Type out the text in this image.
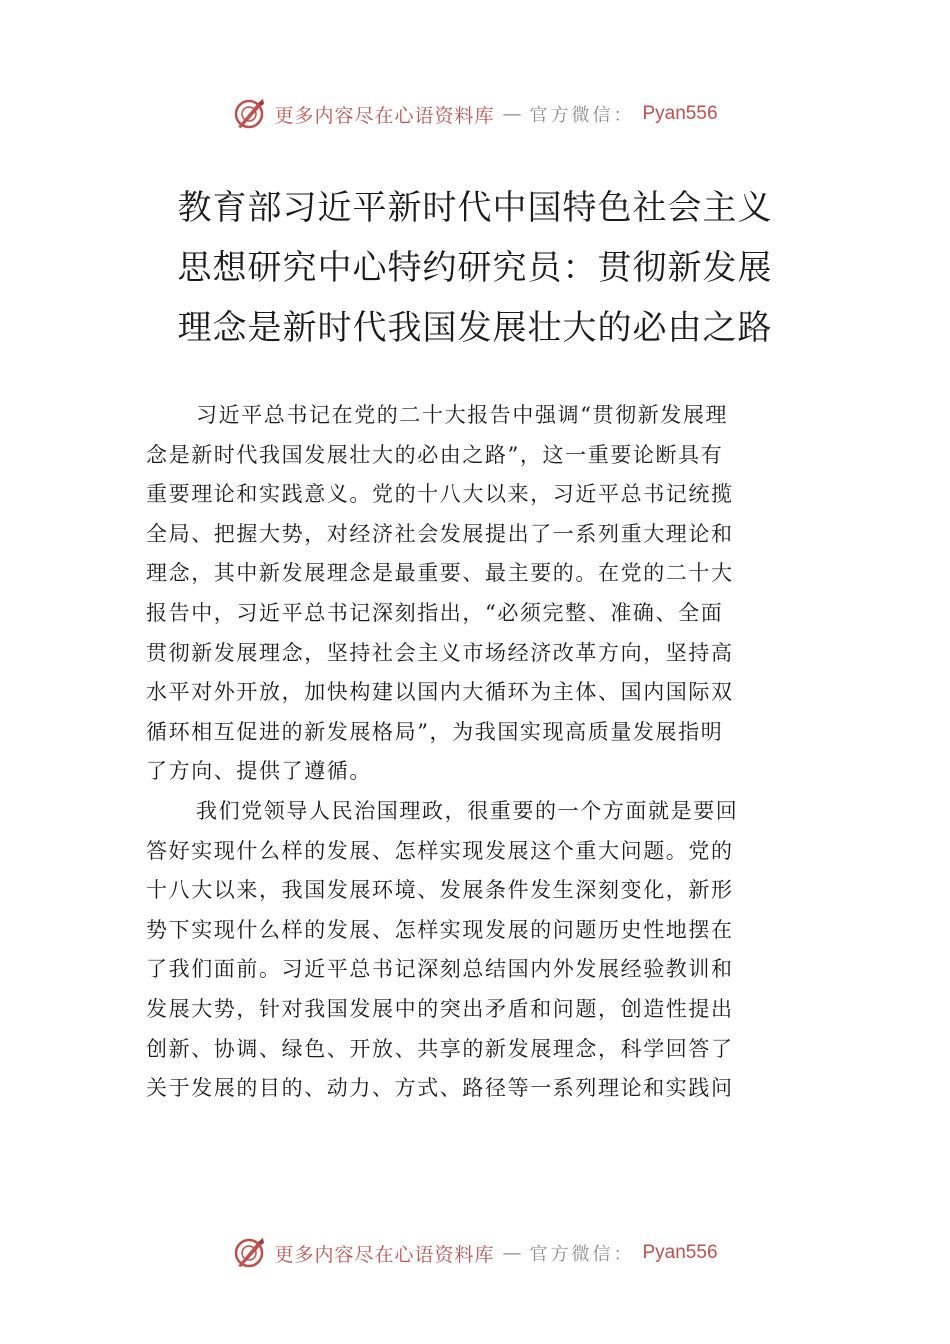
更多内容尽在心语资料库 — 官方微信： Pyan556
教育部习近平新时代中国特色社会主义
思想研究中心特约研究员：贯彻新发展
理念是新时代我国发展壮大的必由之路

习近平总书记在党的二十大报告中强调“贯彻新发展理
念是新时代我国发展壮大的必由之路”，这一重要论断具有
重要理论和实践意义。党的十八大以来，习近平总书记统揽
全局、把握大势，对经济社会发展提出了一系列重大理论和
理念，其中新发展理念是最重要、最主要的。在党的二十大
报告中，习近平总书记深刻指出，“必须完整、准确、全面
贯彻新发展理念，坚持社会主义市场经济改革方向，坚持高
水平对外开放，加快构建以国内大循环为主体、国内国际双
循环相互促进的新发展格局”，为我国实现高质量发展指明
了方向、提供了遵循。

我们党领导人民治国理政，很重要的一个方面就是要回
答好实现什么样的发展、怎样实现发展这个重大问题。党的
十八大以来，我国发展环境、发展条件发生深刻变化，新形
势下实现什么样的发展、怎样实现发展的问题历史性地摆在
了我们面前。习近平总书记深刻总结国内外发展经验教训和
发展大势，针对我国发展中的突出矛盾和问题，创造性提出
创新、协调、绿色、开放、共享的新发展理念，科学回答了
关于发展的目的、动力、方式、路径等一系列理论和实践问

更多内容尽在心语资料库 — 官方微信： Pyan556
